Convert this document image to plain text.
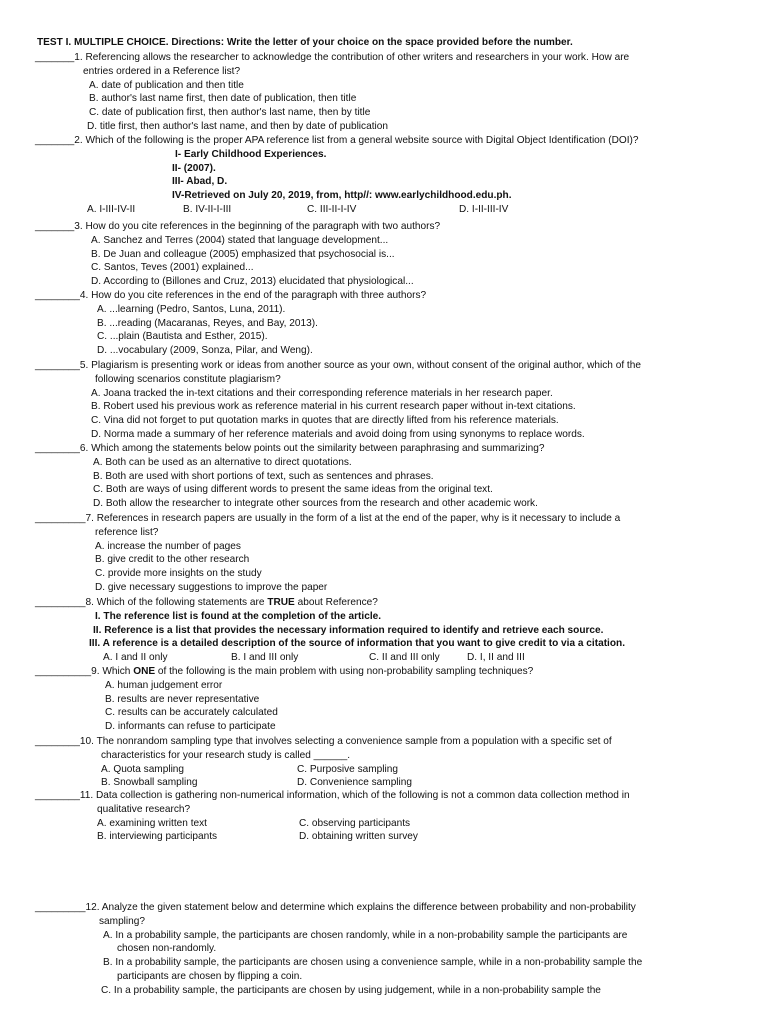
TEST I. MULTIPLE CHOICE. Directions: Write the letter of your choice on the space provided before the number.
_______1. Referencing allows the researcher to acknowledge the contribution of other writers and researchers in your work. How are
entries ordered in a Reference list?
A. date of publication and then title
B. author's last name first, then date of publication, then title
C. date of publication first, then author's last name, then by title
D. title first, then author's last name, and then by date of publication
_______2. Which of the following is the proper APA reference list from a general website source with Digital Object Identification (DOI)?
I- Early Childhood Experiences.
II- (2007).
III- Abad, D.
IV-Retrieved on July 20, 2019, from, http//: www.earlychildhood.edu.ph.
A. I-III-IV-II	B. IV-II-I-III	C. III-II-I-IV	D. I-II-III-IV
_______3. How do you cite references in the beginning of the paragraph with two authors?
A. Sanchez and Terres (2004) stated that language development...
B. De Juan and colleague (2005) emphasized that psychosocial is...
C. Santos, Teves (2001) explained...
D. According to (Billones and Cruz, 2013) elucidated that physiological...
________4. How do you cite references in the end of the paragraph with three authors?
A. ...learning (Pedro, Santos, Luna, 2011).
B. ...reading (Macaranas, Reyes, and Bay, 2013).
C. ...plain (Bautista and Esther, 2015).
D. ...vocabulary (2009, Sonza, Pilar, and Weng).
________5. Plagiarism is presenting work or ideas from another source as your own, without consent of the original author, which of the
following scenarios constitute plagiarism?
A. Joana tracked the in-text citations and their corresponding reference materials in her research paper.
B. Robert used his previous work as reference material in his current research paper without in-text citations.
C. Vina did not forget to put quotation marks in quotes that are directly lifted from his reference materials.
D. Norma made a summary of her reference materials and avoid doing from using synonyms to replace words.
________6. Which among the statements below points out the similarity between paraphrasing and summarizing?
A. Both can be used as an alternative to direct quotations.
B. Both are used with short portions of text, such as sentences and phrases.
C. Both are ways of using different words to present the same ideas from the original text.
D. Both allow the researcher to integrate other sources from the research and other academic work.
_________7. References in research papers are usually in the form of a list at the end of the paper, why is it necessary to include a
reference list?
A. increase the number of pages
B. give credit to the other research
C. provide more insights on the study
D. give necessary suggestions to improve the paper
_________8. Which of the following statements are TRUE about Reference?
I. The reference list is found at the completion of the article.
II. Reference is a list that provides the necessary information required to identify and retrieve each source.
III. A reference is a detailed description of the source of information that you want to give credit to via a citation.
A. I and II only	B. I and III only	C. II and III only	D. I, II and III
__________9. Which ONE of the following is the main problem with using non-probability sampling techniques?
A. human judgement error
B. results are never representative
C. results can be accurately calculated
D. informants can refuse to participate
________10. The nonrandom sampling type that involves selecting a convenience sample from a population with a specific set of
characteristics for your research study is called ______.
A. Quota sampling	C. Purposive sampling
B. Snowball sampling	D. Convenience sampling
________11. Data collection is gathering non-numerical information, which of the following is not a common data collection method in
qualitative research?
A. examining written text	C. observing participants
B. interviewing participants	D. obtaining written survey
_________12. Analyze the given statement below and determine which explains the difference between probability and non-probability
sampling?
A. In a probability sample, the participants are chosen randomly, while in a non-probability sample the participants are
chosen non-randomly.
B. In a probability sample, the participants are chosen using a convenience sample, while in a non-probability sample the
participants are chosen by flipping a coin.
C. In a probability sample, the participants are chosen by using judgement, while in a non-probability sample the
